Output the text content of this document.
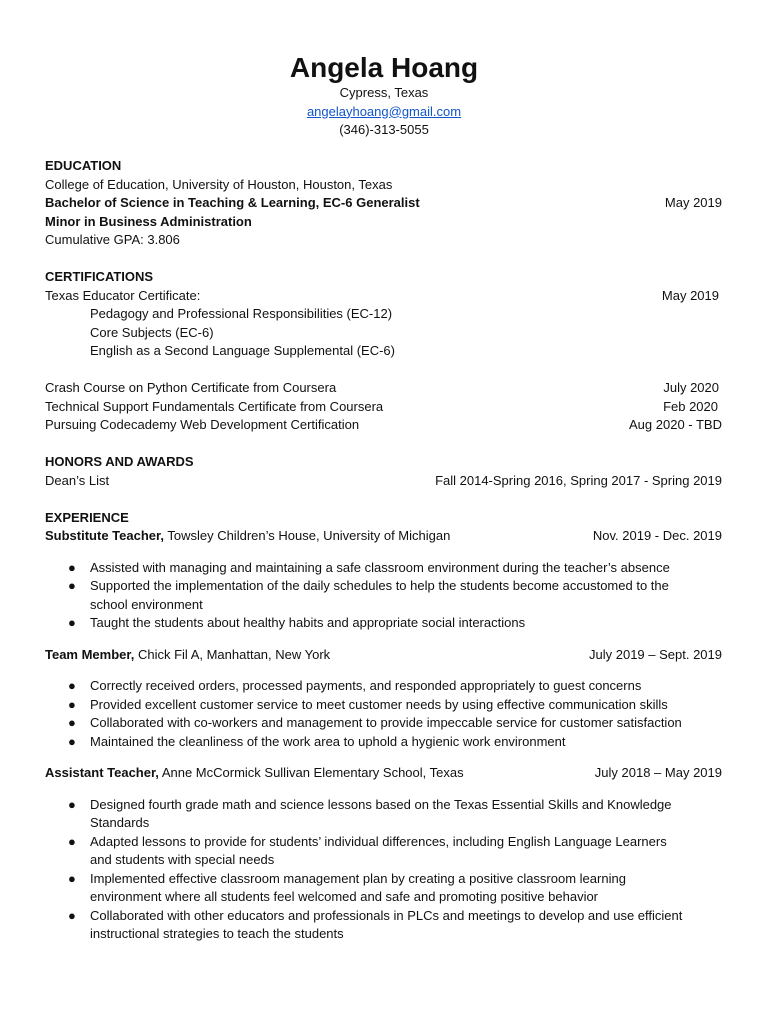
Angela Hoang
Cypress, Texas
angelayhoang@gmail.com
(346)-313-5055
EDUCATION
College of Education, University of Houston, Houston, Texas
Bachelor of Science in Teaching & Learning, EC-6 Generalist	May 2019
Minor in Business Administration
Cumulative GPA: 3.806
CERTIFICATIONS
Texas Educator Certificate:	May 2019
Pedagogy and Professional Responsibilities (EC-12)
Core Subjects (EC-6)
English as a Second Language Supplemental (EC-6)
Crash Course on Python Certificate from Coursera	July 2020
Technical Support Fundamentals Certificate from Coursera	Feb 2020
Pursuing Codecademy Web Development Certification	Aug 2020 - TBD
HONORS AND AWARDS
Dean’s List	Fall 2014-Spring 2016, Spring 2017 - Spring 2019
EXPERIENCE
Substitute Teacher, Towsley Children’s House, University of Michigan	Nov. 2019 - Dec. 2019
● Assisted with managing and maintaining a safe classroom environment during the teacher’s absence
● Supported the implementation of the daily schedules to help the students become accustomed to the
school environment
● Taught the students about healthy habits and appropriate social interactions
Team Member, Chick Fil A, Manhattan, New York	July 2019 – Sept. 2019
● Correctly received orders, processed payments, and responded appropriately to guest concerns
● Provided excellent customer service to meet customer needs by using effective communication skills
● Collaborated with co-workers and management to provide impeccable service for customer satisfaction
● Maintained the cleanliness of the work area to uphold a hygienic work environment
Assistant Teacher, Anne McCormick Sullivan Elementary School, Texas	July 2018 – May 2019
● Designed fourth grade math and science lessons based on the Texas Essential Skills and Knowledge
Standards
● Adapted lessons to provide for students’ individual differences, including English Language Learners
and students with special needs
● Implemented effective classroom management plan by creating a positive classroom learning
environment where all students feel welcomed and safe and promoting positive behavior
● Collaborated with other educators and professionals in PLCs and meetings to develop and use efficient
instructional strategies to teach the students
